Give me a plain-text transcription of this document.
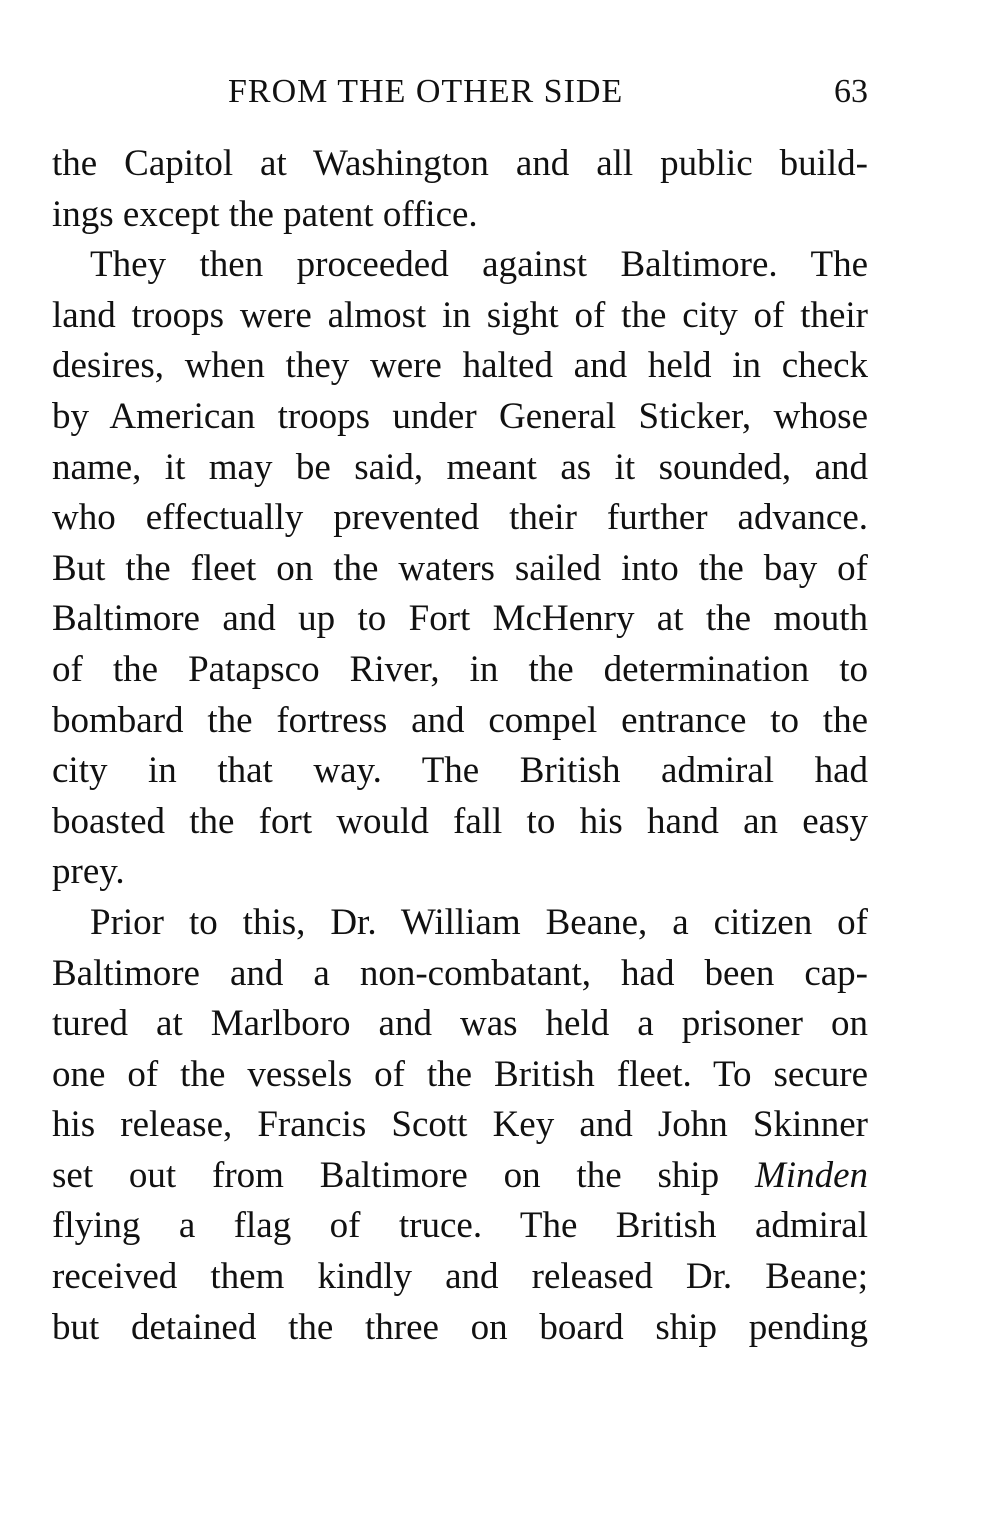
FROM THE OTHER SIDE	63
the Capitol at Washington and all public build-
ings except the patent office.
They then proceeded against Baltimore. The
land troops were almost in sight of the city of their
desires, when they were halted and held in check
by American troops under General Sticker, whose
name, it may be said, meant as it sounded, and
who effectually prevented their further advance.
But the fleet on the waters sailed into the bay of
Baltimore and up to Fort McHenry at the mouth
of the Patapsco River, in the determination to
bombard the fortress and compel entrance to the
city in that way. The British admiral had
boasted the fort would fall to his hand an easy
prey.
Prior to this, Dr. William Beane, a citizen of
Baltimore and a non-combatant, had been cap-
tured at Marlboro and was held a prisoner on
one of the vessels of the British fleet. To secure
his release, Francis Scott Key and John Skinner
set out from Baltimore on the ship Minden
flying a flag of truce. The British admiral
received them kindly and released Dr. Beane;
but detained the three on board ship pending
